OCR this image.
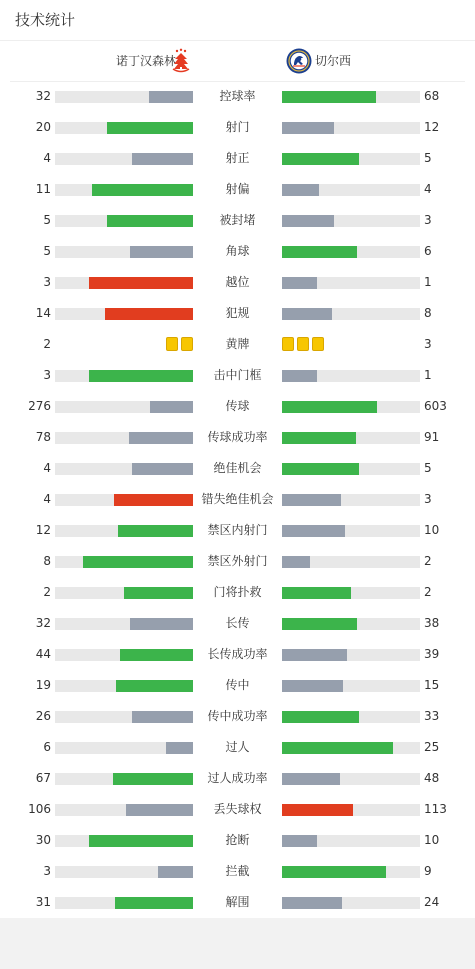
技术统计
诺丁汉森林	切尔西
32	控球率	68
20	射门	12
4	射正	5
11	射偏	4
5	被封堵	3
5	角球	6
3	越位	1
14	犯规	8
2	黄牌	3
3	击中门框	1
276	传球	603
78	传球成功率	91
4	绝佳机会	5
4	错失绝佳机会	3
12	禁区内射门	10
8	禁区外射门	2
2	门将扑救	2
32	长传	38
44	长传成功率	39
19	传中	15
26	传中成功率	33
6	过人	25
67	过人成功率	48
106	丢失球权	113
30	抢断	10
3	拦截	9
31	解围	24
